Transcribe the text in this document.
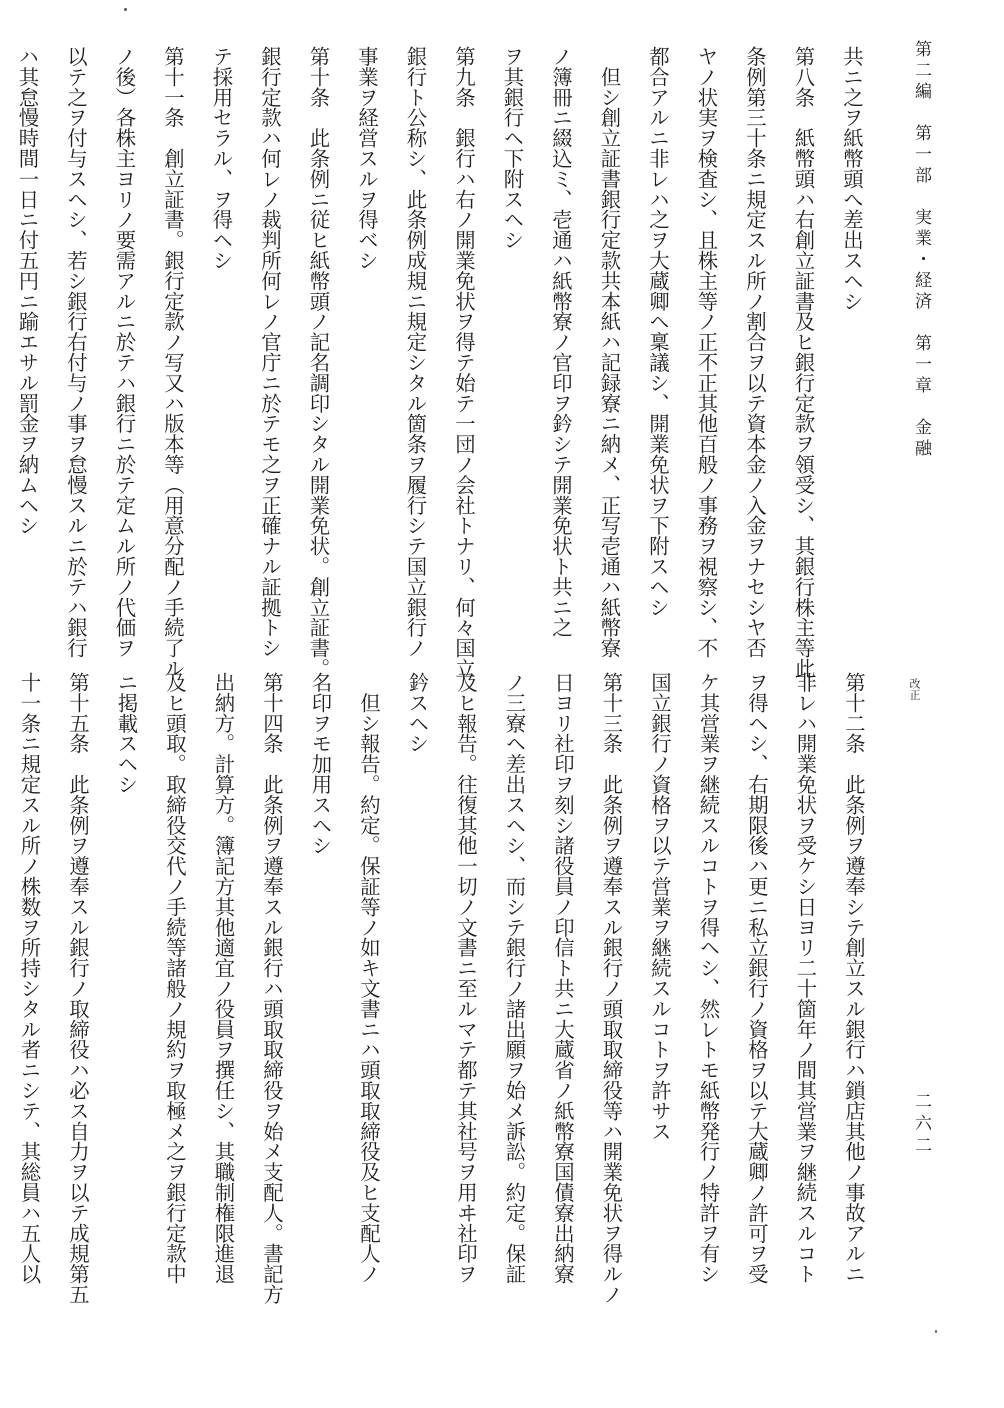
第二編　第一部　実業・経済　第一章　金融
二六二
改正
共ニ之ヲ紙幣頭へ差出スヘシ
第八条　紙幣頭ハ右創立証書及ヒ銀行定款ヲ領受シ、其銀行株主等此
条例第三十条ニ規定スル所ノ割合ヲ以テ資本金ノ入金ヲナセシヤ否
ヤノ状実ヲ検査シ、且株主等ノ正不正其他百般ノ事務ヲ視察シ、不
都合アルニ非レハ之ヲ大蔵卿ヘ稟議シ、開業免状ヲ下附スヘシ
　但シ創立証書銀行定款共本紙ハ記録寮ニ納メ、正写壱通ハ紙幣寮
ノ簿冊ニ綴込ミ、壱通ハ紙幣寮ノ官印ヲ鈐シテ開業免状ト共ニ之
ヲ其銀行ヘ下附スヘシ
第九条　銀行ハ右ノ開業免状ヲ得テ始テ一団ノ会社トナリ、何々国立
銀行ト公称シ、此条例成規ニ規定シタル箇条ヲ履行シテ国立銀行ノ
事業ヲ経営スルヲ得ベシ
第十条　此条例ニ従ヒ紙幣頭ノ記名調印シタル開業免状。創立証書。
銀行定款ハ何レノ裁判所何レノ官庁ニ於テモ之ヲ正確ナル証拠トシ
テ採用セラル、ヲ得ヘシ
第十一条　創立証書。銀行定款ノ写又ハ版本等（用意分配ノ手続了ル
ノ後）各株主ヨリノ要需アルニ於テハ銀行ニ於テ定ムル所ノ代価ヲ
以テ之ヲ付与スヘシ、若シ銀行右付与ノ事ヲ怠慢スルニ於テハ銀行
ハ其怠慢時間一日ニ付五円ニ踰エサル罰金ヲ納ムヘシ
第十二条　此条例ヲ遵奉シテ創立スル銀行ハ鎖店其他ノ事故アルニ
非レハ開業免状ヲ受ケシ日ヨリ二十箇年ノ間其営業ヲ継続スルコト
ヲ得ヘシ、右期限後ハ更ニ私立銀行ノ資格ヲ以テ大蔵卿ノ許可ヲ受
ケ其営業ヲ継続スルコトヲ得ヘシ、然レトモ紙幣発行ノ特許ヲ有シ
国立銀行ノ資格ヲ以テ営業ヲ継続スルコトヲ許サス
第十三条　此条例ヲ遵奉スル銀行ノ頭取取締役等ハ開業免状ヲ得ルノ
日ヨリ社印ヲ刻シ諸役員ノ印信ト共ニ大蔵省ノ紙幣寮国債寮出納寮
ノ三寮ヘ差出スヘシ、而シテ銀行ノ諸出願ヲ始メ訴訟。約定。保証
及ヒ報告。往復其他一切ノ文書ニ至ルマテ都テ其社号ヲ用ヰ社印ヲ
鈐スヘシ
　但シ報告。約定。保証等ノ如キ文書ニハ頭取取締役及ヒ支配人ノ
名印ヲモ加用スヘシ
第十四条　此条例ヲ遵奉スル銀行ハ頭取取締役ヲ始メ支配人。書記方
出納方。計算方。簿記方其他適宜ノ役員ヲ撰任シ、其職制権限進退
及ヒ頭取。取締役交代ノ手続等諸般ノ規約ヲ取極メ之ヲ銀行定款中
ニ掲載スヘシ
第十五条　此条例ヲ遵奉スル銀行ノ取締役ハ必ス自力ヲ以テ成規第五
十一条ニ規定スル所ノ株数ヲ所持シタル者ニシテ、其総員ハ五人以
